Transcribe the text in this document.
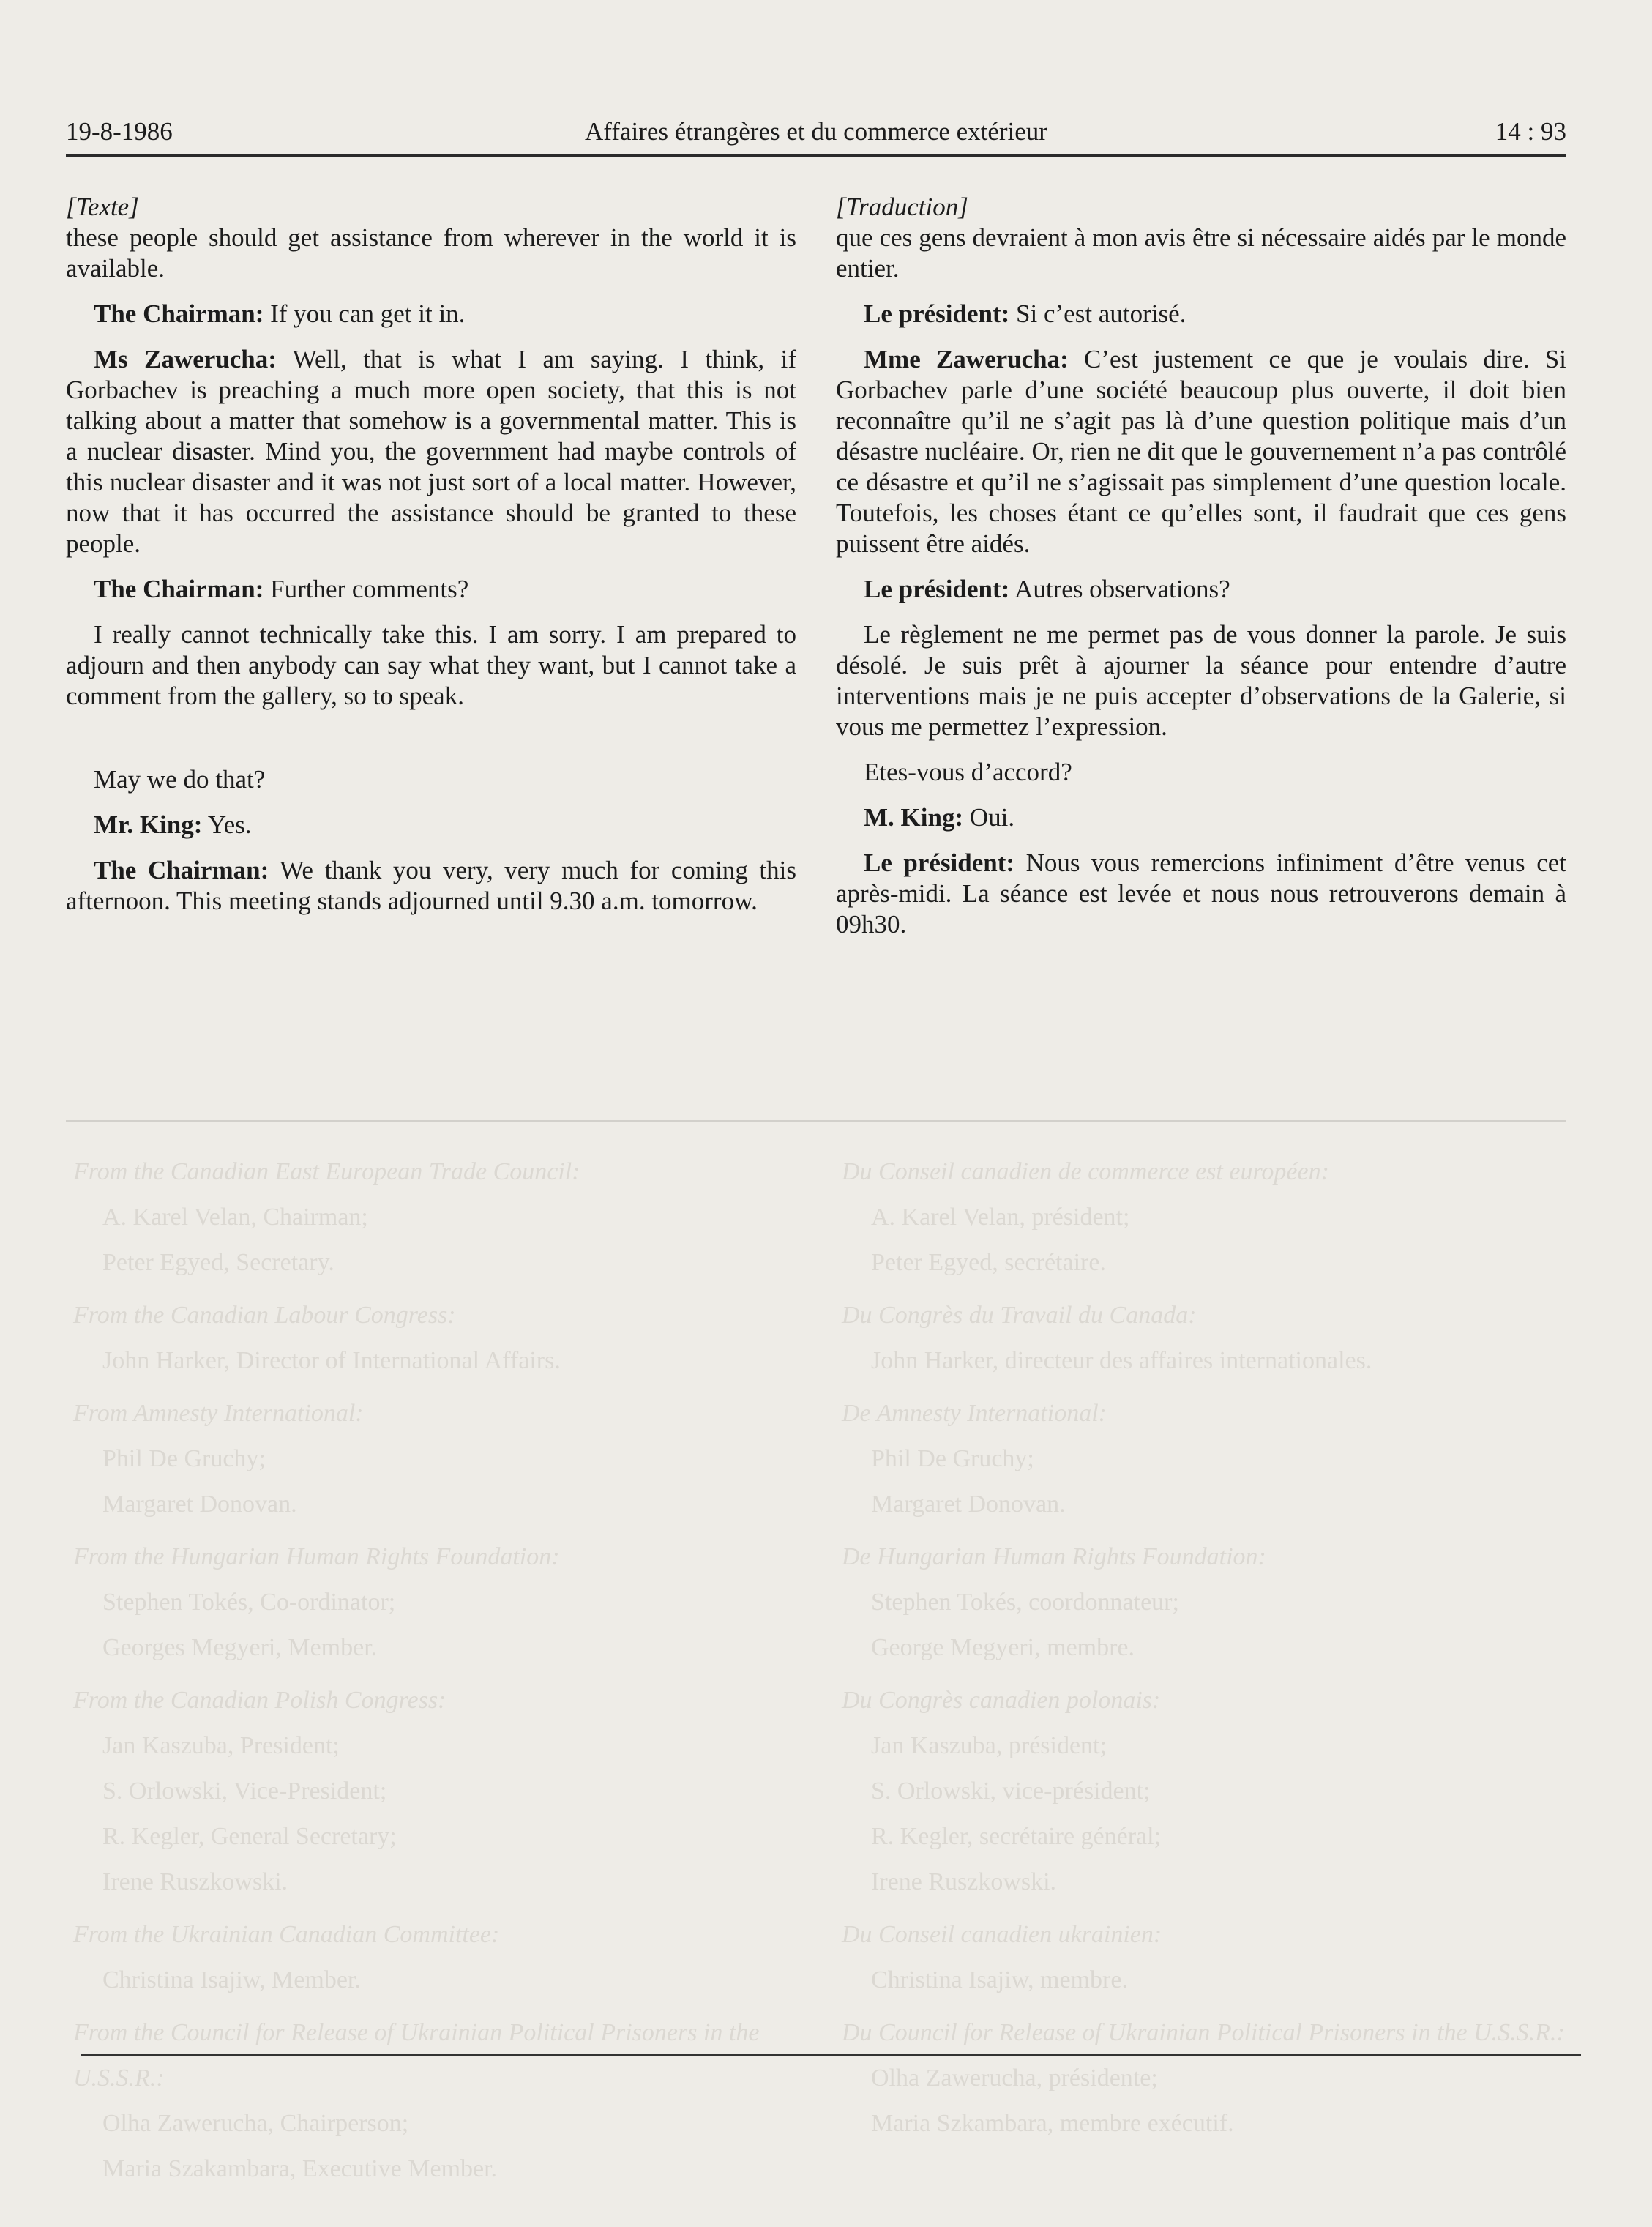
19-8-1986	Affaires étrangères et du commerce extérieur	14 : 93

[Texte]

these people should get assistance from wherever in the world it is available.

The Chairman: If you can get it in.

Ms Zawerucha: Well, that is what I am saying. I think, if Gorbachev is preaching a much more open society, that this is not talking about a matter that somehow is a governmental matter. This is a nuclear disaster. Mind you, the government had maybe controls of this nuclear disaster and it was not just sort of a local matter. However, now that it has occurred the assistance should be granted to these people.

The Chairman: Further comments?

I really cannot technically take this. I am sorry. I am prepared to adjourn and then anybody can say what they want, but I cannot take a comment from the gallery, so to speak.

May we do that?

Mr. King: Yes.

The Chairman: We thank you very, very much for coming this afternoon. This meeting stands adjourned until 9.30 a.m. tomorrow.

[Traduction]

que ces gens devraient à mon avis être si nécessaire aidés par le monde entier.

Le président: Si c’est autorisé.

Mme Zawerucha: C’est justement ce que je voulais dire. Si Gorbachev parle d’une société beaucoup plus ouverte, il doit bien reconnaître qu’il ne s’agit pas là d’une question politique mais d’un désastre nucléaire. Or, rien ne dit que le gouvernement n’a pas contrôlé ce désastre et qu’il ne s’agissait pas simplement d’une question locale. Toutefois, les choses étant ce qu’elles sont, il faudrait que ces gens puissent être aidés.

Le président: Autres observations?

Le règlement ne me permet pas de vous donner la parole. Je suis désolé. Je suis prêt à ajourner la séance pour entendre d’autre interventions mais je ne puis accepter d’observations de la Galerie, si vous me permettez l’expression.

Etes-vous d’accord?

M. King: Oui.

Le président: Nous vous remercions infiniment d’être venus cet après-midi. La séance est levée et nous nous retrouverons demain à 09h30.

From the Canadian East European Trade Council:
A. Karel Velan, Chairman;
Peter Egyed, Secretary.
From the Canadian Labour Congress:
John Harker, Director of International Affairs.
From Amnesty International:
Phil De Gruchy;
Margaret Donovan.
From the Hungarian Human Rights Foundation:
Stephen Tokés, Co-ordinator;
Georges Megyeri, Member.
From the Canadian Polish Congress:
Jan Kaszuba, President;
S. Orlowski, Vice-President;
R. Kegler, General Secretary;
Irene Ruszkowski.
From the Ukrainian Canadian Committee:
Christina Isajiw, Member.
From the Council for Release of Ukrainian Political Prisoners in the U.S.S.R.:
Olha Zawerucha, Chairperson;
Maria Szakambara, Executive Member.
Du Conseil canadien de commerce est européen:
A. Karel Velan, président;
Peter Egyed, secrétaire.
Du Congrès du Travail du Canada:
John Harker, directeur des affaires internationales.
De Amnesty International:
Phil De Gruchy;
Margaret Donovan.
De Hungarian Human Rights Foundation:
Stephen Tokés, coordonnateur;
George Megyeri, membre.
Du Congrès canadien polonais:
Jan Kaszuba, président;
S. Orlowski, vice-président;
R. Kegler, secrétaire général;
Irene Ruszkowski.
Du Conseil canadien ukrainien:
Christina Isajiw, membre.
Du Council for Release of Ukrainian Political Prisoners in the U.S.S.R.:
Olha Zawerucha, présidente;
Maria Szkambara, membre exécutif.
